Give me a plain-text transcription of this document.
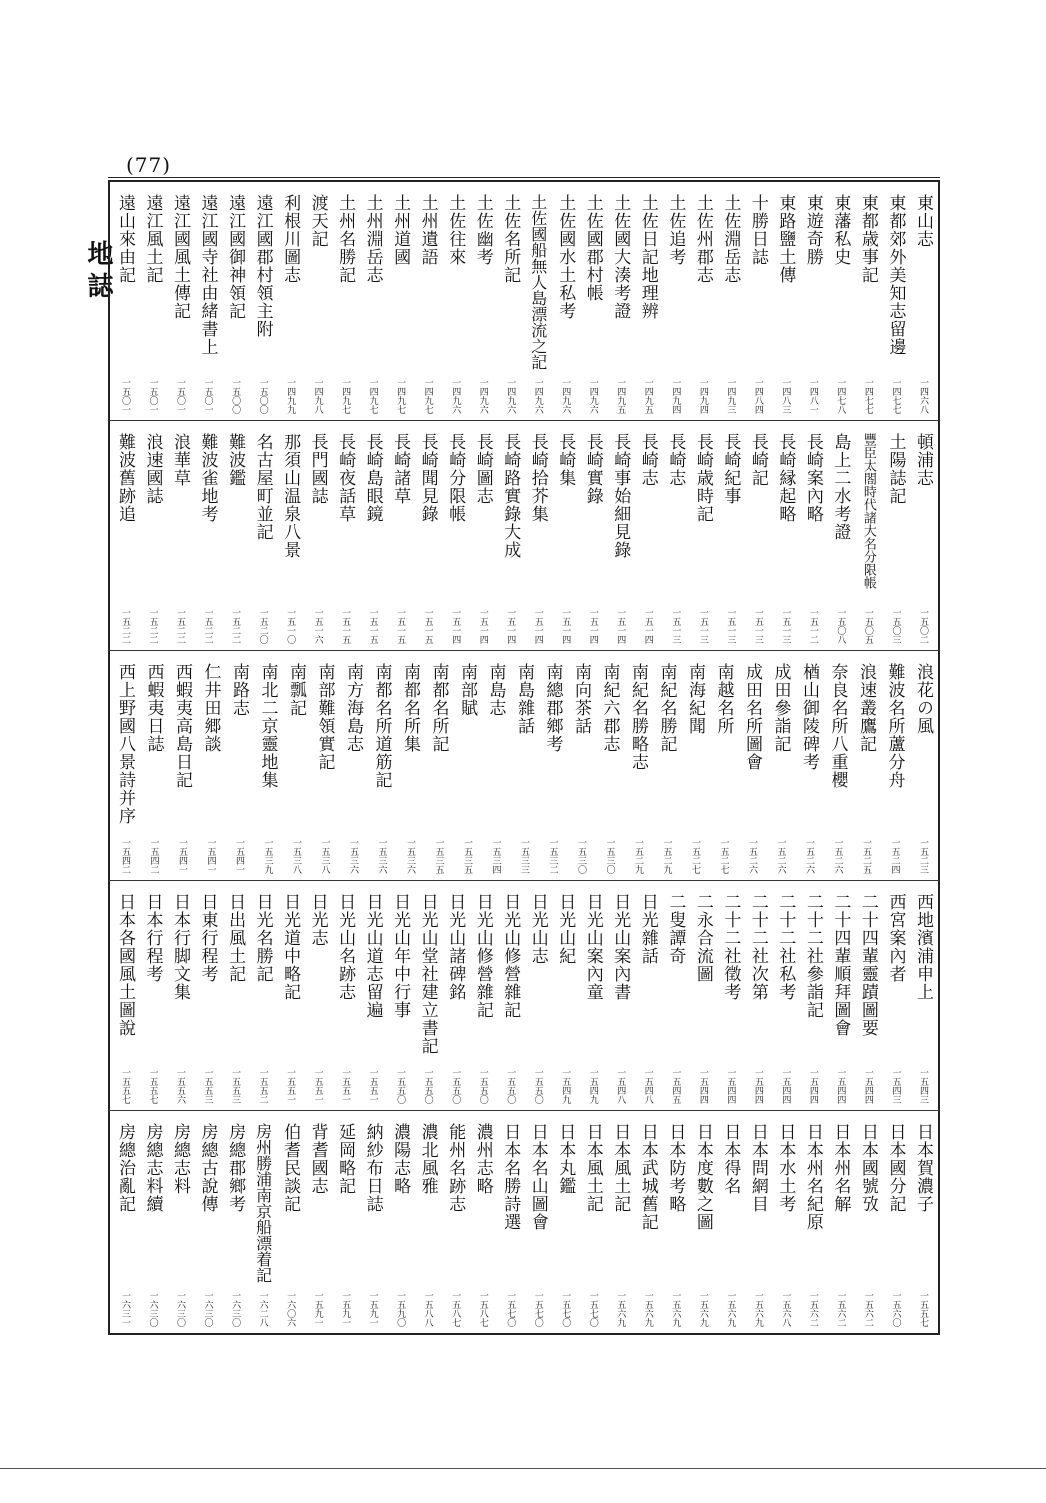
(77)
地誌
東山志
一四六八
東都郊外美知志留邊
一四七七
東都歳事記
一四七七
東藩私史
一四七八
東遊奇勝
一四八一
東路鹽土傳
一四八三
十勝日誌
一四八四
土佐淵岳志
一四九三
土佐州郡志
一四九四
土佐追考
一四九四
土佐日記地理辨
一四九五
土佐國大湊考證
一四九五
土佐國郡村帳
一四九六
土佐國水土私考
一四九六
土佐國船無人島漂流之記
一四九六
土佐名所記
一四九六
土佐幽考
一四九六
土佐往來
一四九六
土州遺語
一四九七
土州道國
一四九七
土州淵岳志
一四九七
土州名勝記
一四九七
渡天記
一四九八
利根川圖志
一四九九
遠江國郡村領主附
一五〇〇
遠江國御神領記
一五〇〇
遠江國寺社由緒書上
一五〇一
遠江國風土傳記
一五〇一
遠江風土記
一五〇一
遠山來由記
一五〇一
頓浦志
一五〇二
土陽誌記
一五〇三
豐臣太閤時代諸大名分限帳
一五〇五
島上二水考證
一五〇八
長崎案內略
一五一二
長崎縁起略
一五一三
長崎記
一五一三
長崎紀事
一五一三
長崎歳時記
一五一三
長崎志
一五一三
長崎志
一五一四
長崎事始細見錄
一五一四
長崎實錄
一五一四
長崎集
一五一四
長崎拾芥集
一五一四
長崎路實錄大成
一五一四
長崎圖志
一五一四
長崎分限帳
一五一四
長崎聞見錄
一五一五
長崎諸草
一五一五
長崎島眼鏡
一五一五
長崎夜話草
一五一五
長門國誌
一五一六
那須山温泉八景
一五一〇
名古屋町並記
一五二〇
難波鑑
一五二二
難波雀地考
一五二二
浪華草
一五二二
浪速國誌
一五二二
難波舊跡追
一五二二
浪花の風
一五二三
難波名所蘆分舟
一五二四
浪速叢鷹記
一五二五
奈良名所八重櫻
一五二六
楢山御陵碑考
一五二六
成田參詣記
一五二六
成田名所圖會
一五二六
南越名所
一五二七
南海紀聞
一五二七
南紀名勝記
一五二九
南紀名勝略志
一五二九
南紀六郡志
一五三〇
南向茶話
一五三〇
南總郡鄉考
一五三二
南島雜話
一五三三
南島志
一五三四
南部賦
一五三五
南都名所記
一五三五
南都名所集
一五三六
南都名所道筋記
一五三六
南方海島志
一五三六
南部難領實記
一五三八
南瓢記
一五三八
南北二京靈地集
一五三九
南路志
一五四一
仁井田郷談
一五四一
西蝦夷高島日記
一五四一
西蝦夷日誌
一五四二
西上野國八景詩并序
一五四二
西地濱浦申上
一五四三
西宮案內者
一五四三
二十四輩靈蹟圖要
一五四四
二十四輩順拜圖會
一五四四
二十二社參詣記
一五四四
二十二社私考
一五四四
二十二社次第
一五四四
二十二社徵考
一五四四
二永合流圖
一五四四
二叟譚奇
一五四五
日光雜話
一五四八
日光山案內書
一五四八
日光山案內童
一五四九
日光山紀
一五四九
日光山志
一五五〇
日光山修營雜記
一五五〇
日光山修營雜記
一五五〇
日光山諸碑銘
一五五〇
日光山堂社建立書記
一五五〇
日光山年中行事
一五五〇
日光山道志留遍
一五五一
日光山名跡志
一五五一
日光志
一五五一
日光道中略記
一五五一
日光名勝記
一五五二
日出風土記
一五五三
日東行程考
一五五三
日本行脚文集
一五五六
日本行程考
一五五七
日本各國風土圖說
一五五七
日本賀濃子
一五五七
日本國分記
一五六〇
日本國號攷
一五六二
日本州名解
一五六二
日本州名紀原
一五六二
日本水土考
一五六八
日本問網目
一五六九
日本得名
一五六九
日本度數之圖
一五六九
日本防考略
一五六九
日本武城舊記
一五六九
日本風土記
一五六九
日本風土記
一五七〇
日本丸鑑
一五七〇
日本名山圖會
一五七〇
日本名勝詩選
一五七〇
濃州志略
一五八七
能州名跡志
一五八七
濃北風雅
一五八八
濃陽志略
一五九〇
納紗布日誌
一五九一
延岡略記
一五九一
背耆國志
一五九一
伯耆民談記
一六〇六
房州勝浦南京船漂着記
一六二八
房總郡鄉考
一六三〇
房總古說傳
一六三〇
房總志料
一六三〇
房總志料續
一六三〇
房總治亂記
一六三一
